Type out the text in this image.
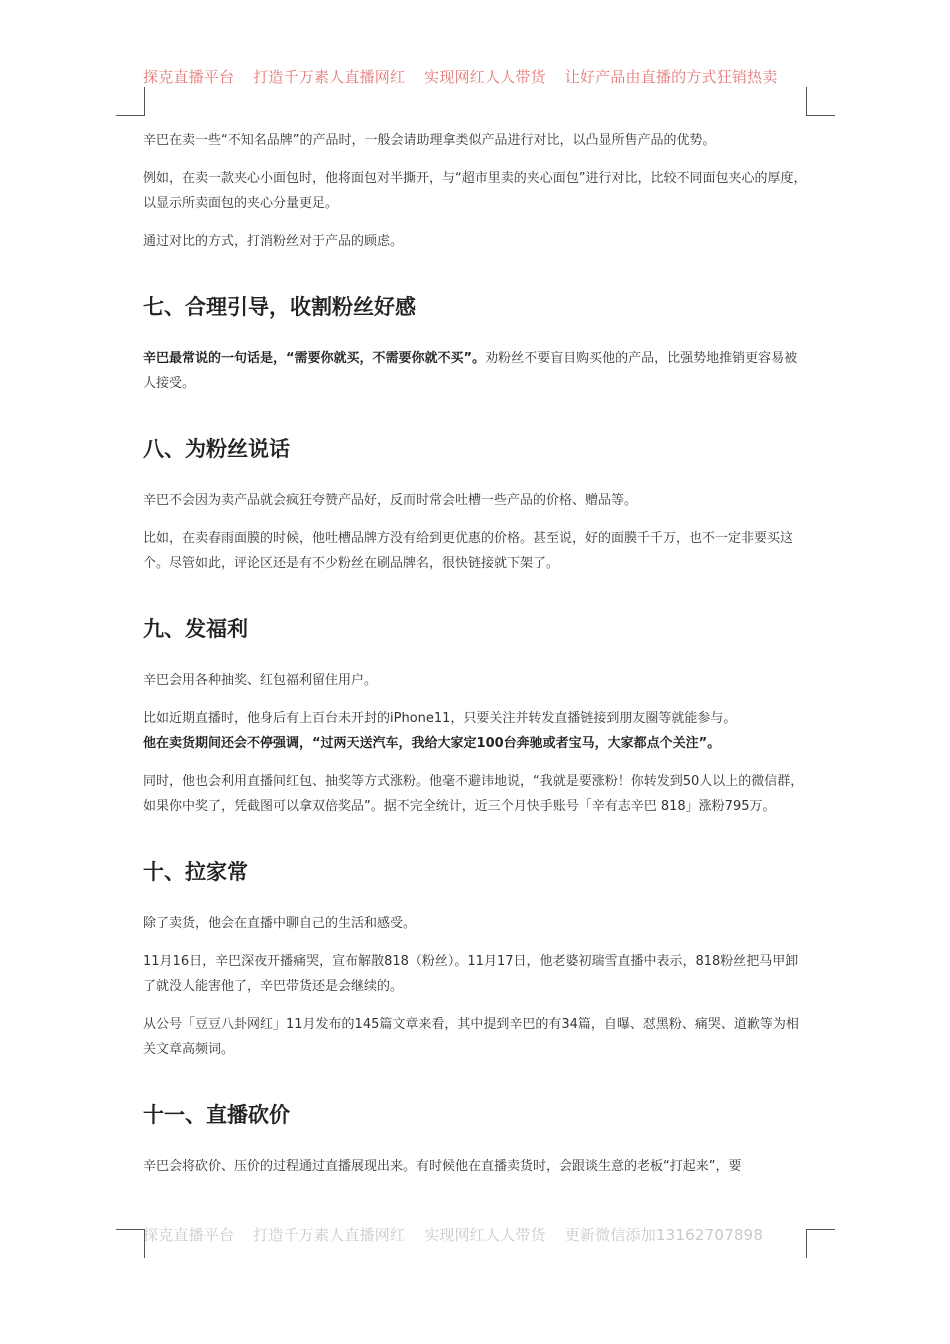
探克直播平台 打造千万素人直播网红 实现网红人人带货 让好产品由直播的方式狂销热卖

辛巴在卖一些“不知名品牌”的产品时，一般会请助理拿类似产品进行对比，以凸显所售产品的优势。

例如，在卖一款夹心小面包时，他将面包对半撕开，与“超市里卖的夹心面包”进行对比，比较不同面包夹心的厚度，以显示所卖面包的夹心分量更足。

通过对比的方式，打消粉丝对于产品的顾虑。

七、合理引导，收割粉丝好感

辛巴最常说的一句话是，“需要你就买，不需要你就不买”。劝粉丝不要盲目购买他的产品，比强势地推销更容易被人接受。

八、为粉丝说话

辛巴不会因为卖产品就会疯狂夸赞产品好，反而时常会吐槽一些产品的价格、赠品等。

比如，在卖春雨面膜的时候，他吐槽品牌方没有给到更优惠的价格。甚至说，好的面膜千千万，也不一定非要买这个。尽管如此，评论区还是有不少粉丝在刷品牌名，很快链接就下架了。

九、发福利

辛巴会用各种抽奖、红包福利留住用户。

比如近期直播时，他身后有上百台未开封的iPhone11，只要关注并转发直播链接到朋友圈等就能参与。
他在卖货期间还会不停强调，“过两天送汽车，我给大家定100台奔驰或者宝马，大家都点个关注”。

同时，他也会利用直播间红包、抽奖等方式涨粉。他毫不避讳地说，“我就是要涨粉！你转发到50人以上的微信群，如果你中奖了，凭截图可以拿双倍奖品”。据不完全统计，近三个月快手账号「辛有志辛巴 818」涨粉795万。

十、拉家常

除了卖货，他会在直播中聊自己的生活和感受。

11月16日，辛巴深夜开播痛哭，宣布解散818（粉丝）。11月17日，他老婆初瑞雪直播中表示，818粉丝把马甲卸了就没人能害他了，辛巴带货还是会继续的。

从公号「豆豆八卦网红」11月发布的145篇文章来看，其中提到辛巴的有34篇，自曝、怼黑粉、痛哭、道歉等为相关文章高频词。

十一、直播砍价

辛巴会将砍价、压价的过程通过直播展现出来。有时候他在直播卖货时，会跟谈生意的老板“打起来”，要

探克直播平台 打造千万素人直播网红 实现网红人人带货 更新微信添加13162707898
